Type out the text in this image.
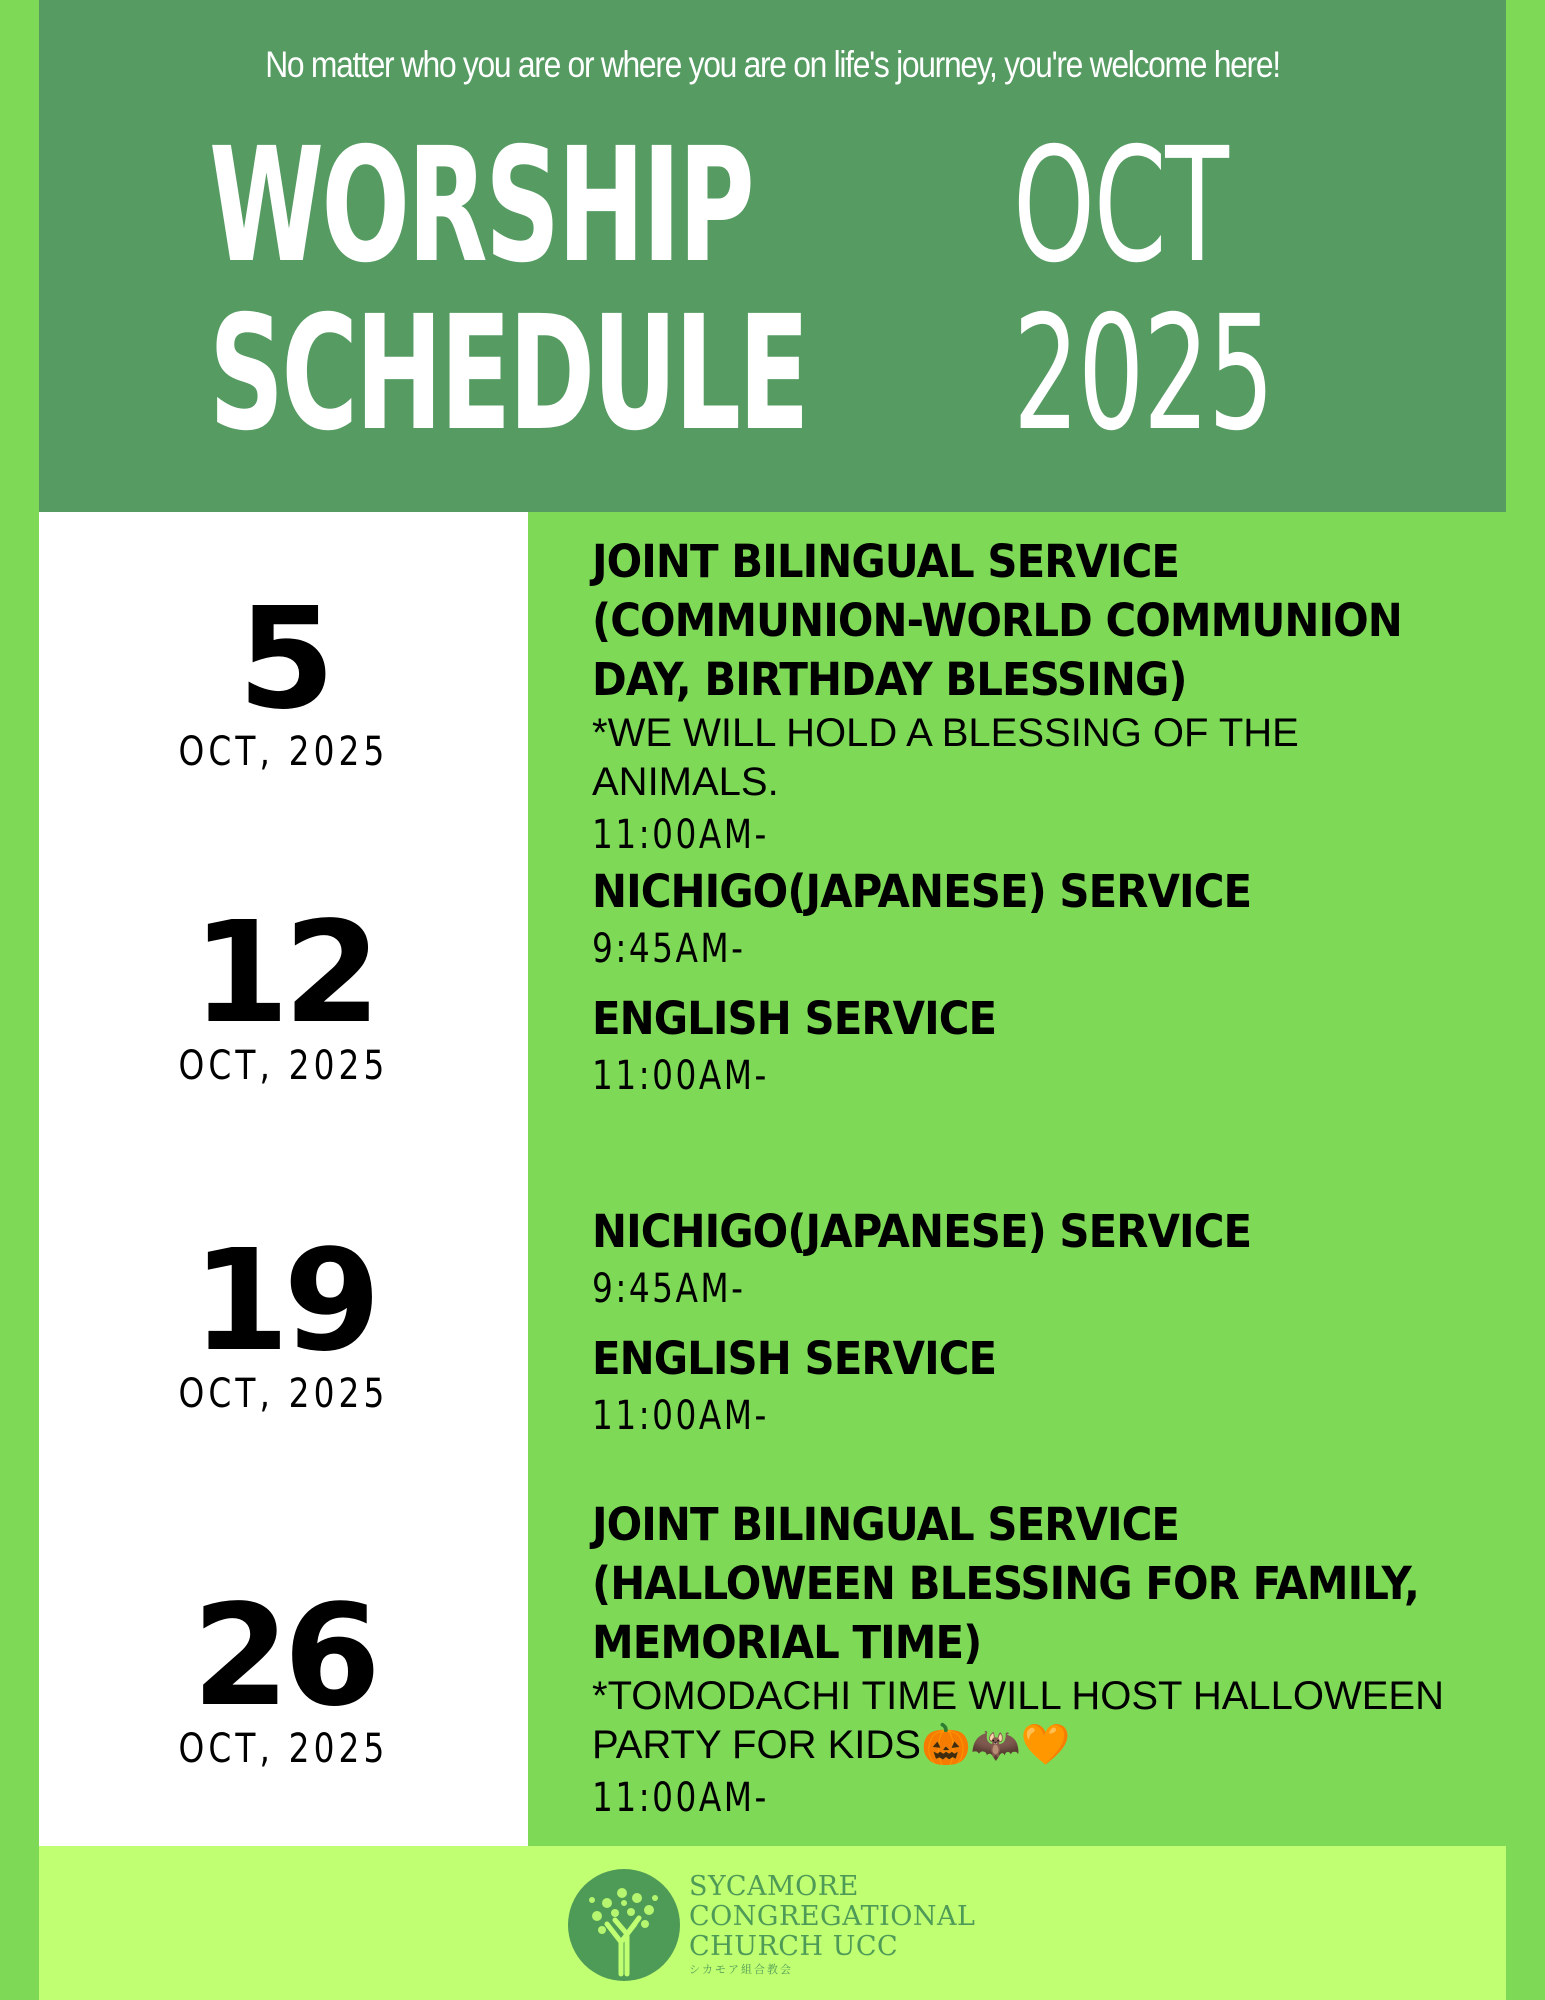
No matter who you are or where you are on life's journey, you're welcome here!
WORSHIP
SCHEDULE
OCT
2025
5
OCT, 2025
12
OCT, 2025
19
OCT, 2025
26
OCT, 2025
JOINT BILINGUAL SERVICE
(COMMUNION-WORLD COMMUNION
DAY, BIRTHDAY BLESSING)
*WE WILL HOLD A BLESSING OF THE ANIMALS.
11:00AM-
NICHIGO(JAPANESE) SERVICE
9:45AM-
ENGLISH SERVICE
11:00AM-
NICHIGO(JAPANESE) SERVICE
9:45AM-
ENGLISH SERVICE
11:00AM-
JOINT BILINGUAL SERVICE
(HALLOWEEN BLESSING FOR FAMILY,
MEMORIAL TIME)
*TOMODACHI TIME WILL HOST HALLOWEEN PARTY FOR KIDS🎃🦇🧡
11:00AM-
SYCAMORE
CONGREGATIONAL
CHURCH UCC
シカモア組合教会
